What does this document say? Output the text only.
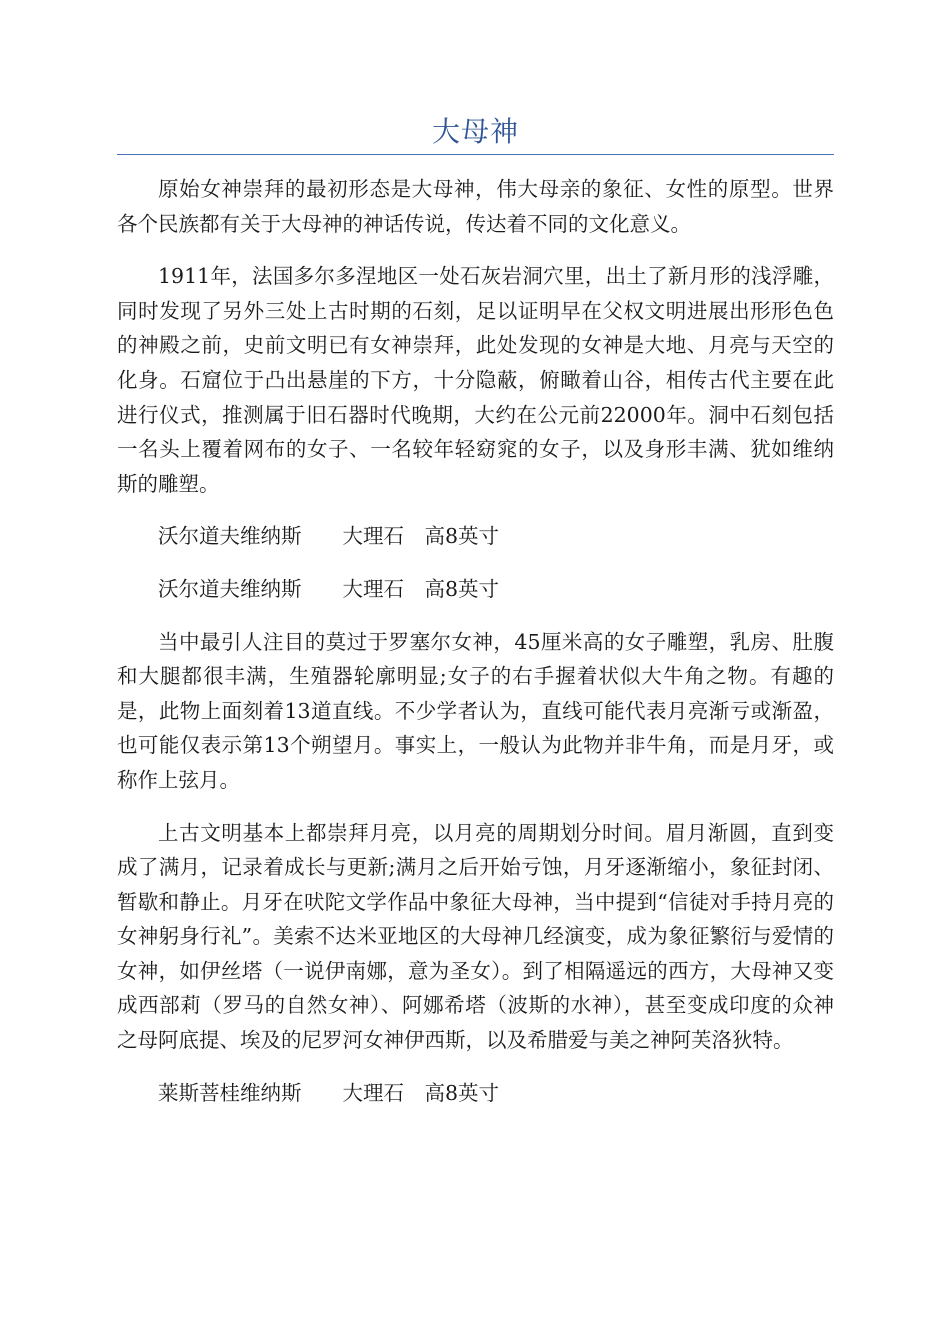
大母神

原始女神崇拜的最初形态是大母神，伟大母亲的象征、女性的原型。世界各个民族都有关于大母神的神话传说，传达着不同的文化意义。

1911年，法国多尔多涅地区一处石灰岩洞穴里，出土了新月形的浅浮雕，同时发现了另外三处上古时期的石刻，足以证明早在父权文明进展出形形色色的神殿之前，史前文明已有女神崇拜，此处发现的女神是大地、月亮与天空的化身。石窟位于凸出悬崖的下方，十分隐蔽，俯瞰着山谷，相传古代主要在此进行仪式，推测属于旧石器时代晚期，大约在公元前22000年。洞中石刻包括一名头上覆着网布的女子、一名较年轻窈窕的女子，以及身形丰满、犹如维纳斯的雕塑。

沃尔道夫维纳斯　　大理石　高8英寸

沃尔道夫维纳斯　　大理石　高8英寸

当中最引人注目的莫过于罗塞尔女神，45厘米高的女子雕塑，乳房、肚腹和大腿都很丰满，生殖器轮廓明显;女子的右手握着状似大牛角之物。有趣的是，此物上面刻着13道直线。不少学者认为，直线可能代表月亮渐亏或渐盈，也可能仅表示第13个朔望月。事实上，一般认为此物并非牛角，而是月牙，或称作上弦月。

上古文明基本上都崇拜月亮，以月亮的周期划分时间。眉月渐圆，直到变成了满月，记录着成长与更新;满月之后开始亏蚀，月牙逐渐缩小，象征封闭、暂歇和静止。月牙在吠陀文学作品中象征大母神，当中提到“信徒对手持月亮的女神躬身行礼”。美索不达米亚地区的大母神几经演变，成为象征繁衍与爱情的女神，如伊丝塔（一说伊南娜，意为圣女）。到了相隔遥远的西方，大母神又变成西部莉（罗马的自然女神）、阿娜希塔（波斯的水神），甚至变成印度的众神之母阿底提、埃及的尼罗河女神伊西斯，以及希腊爱与美之神阿芙洛狄特。

莱斯菩桂维纳斯　　大理石　高8英寸
